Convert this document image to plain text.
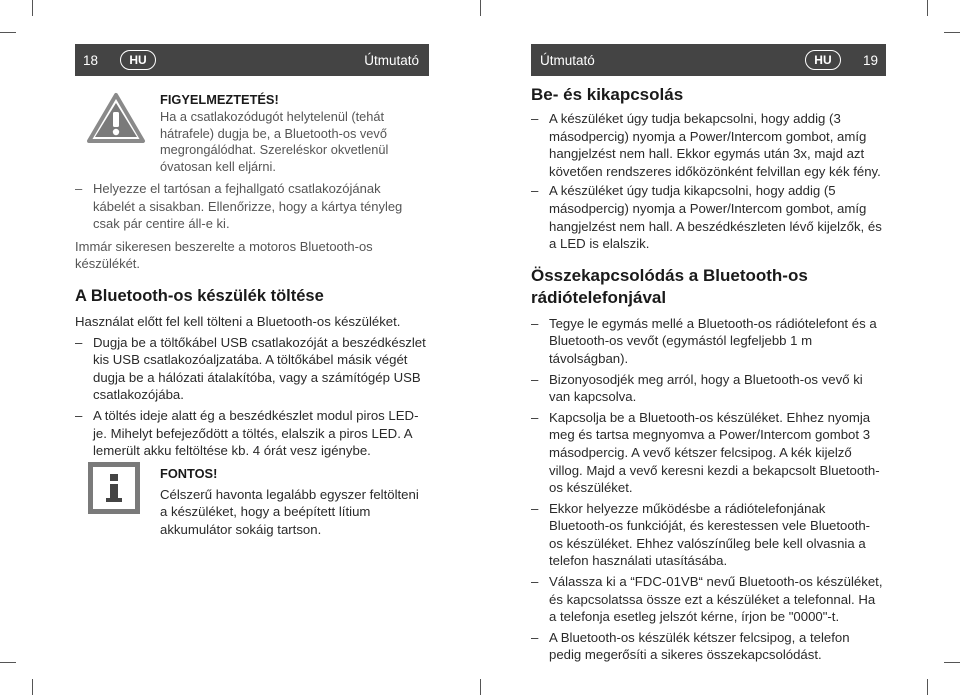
18	HU	Útmutató	Útmutató	HU	19

FIGYELMEZTETÉS!

Ha a csatlakozódugót helytelenül (tehát hátrafele) dugja be, a Bluetooth-os vevő megrongálódhat. Szereléskor okvetlenül óvatosan kell eljárni.

– Helyezze el tartósan a fejhallgató csatlakozójának kábelét a sisakban. Ellenőrizze, hogy a kártya tényleg csak pár centire áll-e ki.

Immár sikeresen beszerelte a motoros Bluetooth-os készülékét.

A Bluetooth-os készülék töltése

Használat előtt fel kell tölteni a Bluetooth-os készüléket.

– Dugja be a töltőkábel USB csatlakozóját a beszédkészlet kis USB csatlakozóaljzatába. A töltőkábel másik végét dugja be a hálózati átalakítóba, vagy a számítógép USB csatlakozójába.

– A töltés ideje alatt ég a beszédkészlet modul piros LED-je. Mihelyt befejeződött a töltés, elalszik a piros LED. A lemerült akku feltöltése kb. 4 órát vesz igénybe.

FONTOS!

Célszerű havonta legalább egyszer feltölteni a készüléket, hogy a beépített lítium akkumulátor sokáig tartson.

Be- és kikapcsolás

– A készüléket úgy tudja bekapcsolni, hogy addig (3 másodpercig) nyomja a Power/Intercom gombot, amíg hangjelzést nem hall. Ekkor egymás után 3x, majd azt követően rendszeres időközönként felvillan egy kék fény.

– A készüléket úgy tudja kikapcsolni, hogy addig (5 másodpercig) nyomja a Power/Intercom gombot, amíg hangjelzést nem hall. A beszédkészleten lévő kijelzők, és a LED is elalszik.

Összekapcsolódás a Bluetooth-os rádiótelefonjával

– Tegye le egymás mellé a Bluetooth-os rádiótelefont és a Bluetooth-os vevőt (egymástól legfeljebb 1 m távolságban).

– Bizonyosodjék meg arról, hogy a Bluetooth-os vevő ki van kapcsolva.

– Kapcsolja be a Bluetooth-os készüléket. Ehhez nyomja meg és tartsa megnyomva a Power/Intercom gombot 3 másodpercig. A vevő kétszer felcsipog. A kék kijelző villog. Majd a vevő keresni kezdi a bekapcsolt Bluetooth-os készüléket.

– Ekkor helyezze működésbe a rádiótelefonjának Bluetooth-os funkcióját, és kerestessen vele Bluetooth-os készüléket. Ehhez valószínűleg bele kell olvasnia a telefon használati utasításába.

– Válassza ki a “FDC-01VB“ nevű Bluetooth-os készüléket, és kapcsolatssa össze ezt a készüléket a telefonnal. Ha a telefonja esetleg jelszót kérne, írjon be "0000"-t.

– A Bluetooth-os készülék kétszer felcsipog, a telefon pedig megerősíti a sikeres összekapcsolódást.
